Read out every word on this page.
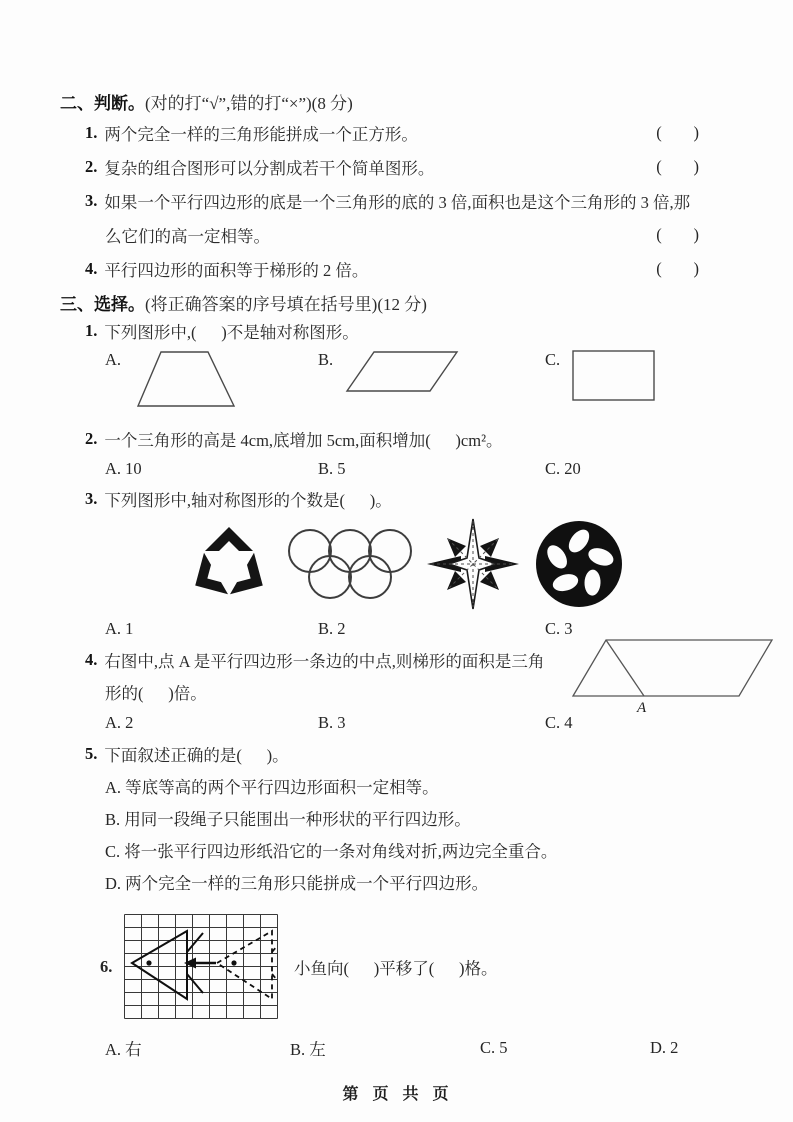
二、判断。 (对的打“√”,错的打“×”)(8 分)
1. 两个完全一样的三角形能拼成一个正方形。	(      )
2. 复杂的组合图形可以分割成若干个简单图形。	(      )
3. 如果一个平行四边形的底是一个三角形的底的 3 倍,面积也是这个三角形的 3 倍,那
么它们的高一定相等。	(      )
4. 平行四边形的面积等于梯形的 2 倍。	(      )
三、选择。 (将正确答案的序号填在括号里)(12 分)
1. 下列图形中,(      )不是轴对称图形。
A.	B.	C.
2. 一个三角形的高是 4cm,底增加 5cm,面积增加(      )cm²。
A. 10	B. 5	C. 20
3. 下列图形中,轴对称图形的个数是(      )。
A. 1	B. 2	C. 3
4. 右图中,点 A 是平行四边形一条边的中点,则梯形的面积是三角
形的(      )倍。
A
A. 2	B. 3	C. 4
5. 下面叙述正确的是(      )。
A. 等底等高的两个平行四边形面积一定相等。
B. 用同一段绳子只能围出一种形状的平行四边形。
C. 将一张平行四边形纸沿它的一条对角线对折,两边完全重合。
D. 两个完全一样的三角形只能拼成一个平行四边形。
6.	小鱼向(      )平移了(      )格。
A. 右	B. 左	C. 5	D. 2
第  页  共  页
